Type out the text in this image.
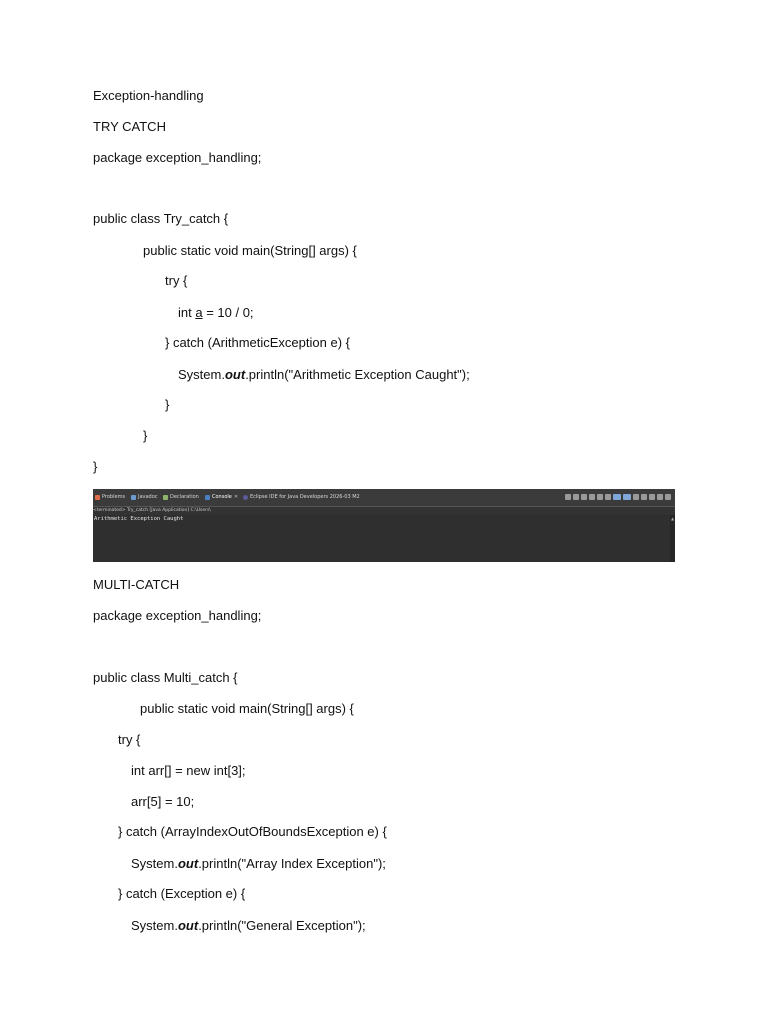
Exception-handling
TRY CATCH
package exception_handling;
public class Try_catch {
public static void main(String[] args) {
try {
int a = 10 / 0;
} catch (ArithmeticException e) {
System.out.println("Arithmetic Exception Caught");
}
}
}
Problems	Javadoc Declaration	Console ✕ Eclipse IDE for Java Developers 2026-03 M2
<terminated> Try_catch [Java Application] C:\Users\
Arithmetic Exception Caught	▲
MULTI-CATCH
package exception_handling;
public class Multi_catch {
public static void main(String[] args) {
try {
int arr[] = new int[3];
arr[5] = 10;
} catch (ArrayIndexOutOfBoundsException e) {
System.out.println("Array Index Exception");
} catch (Exception e) {
System.out.println("General Exception");
